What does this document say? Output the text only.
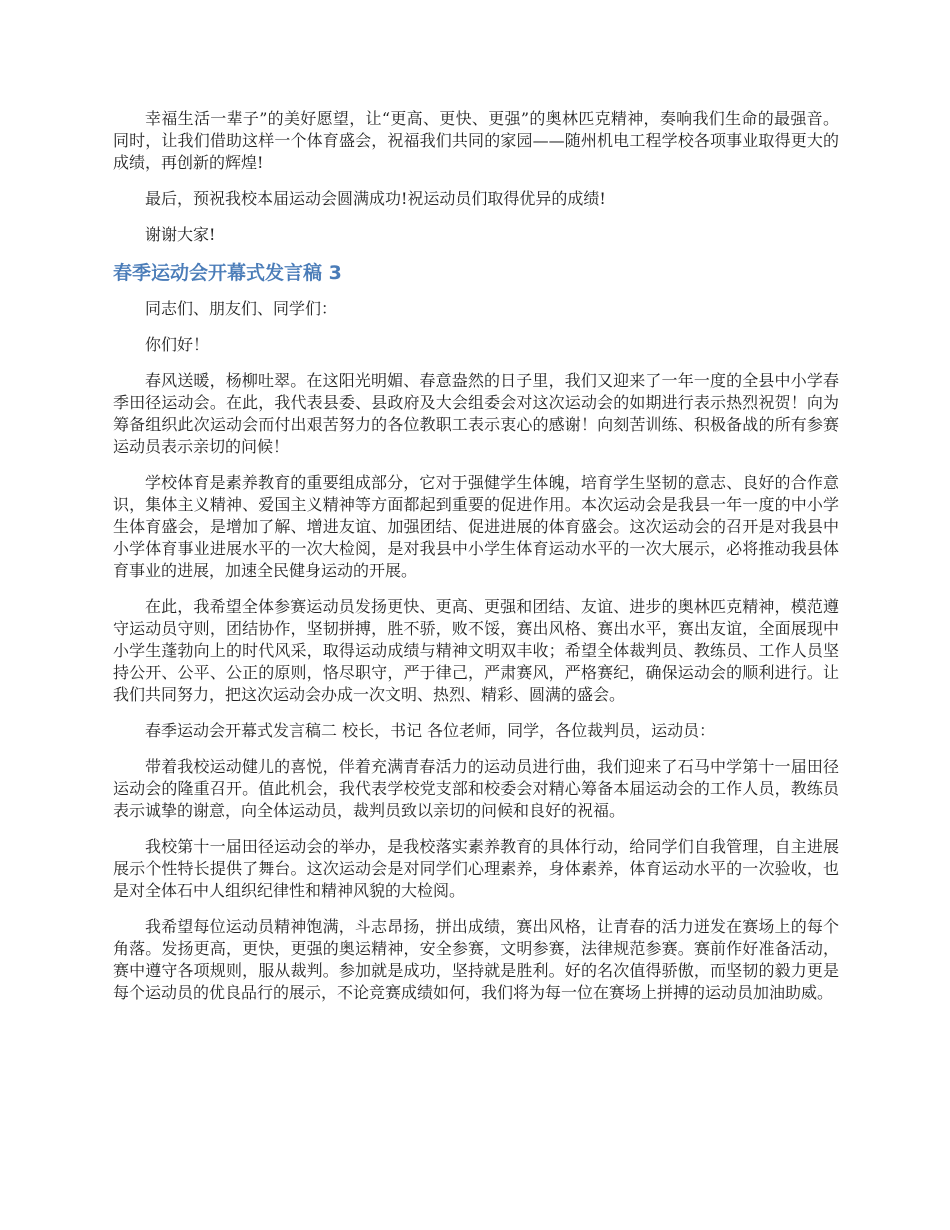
幸福生活一辈子”的美好愿望，让“更高、更快、更强”的奥林匹克精神，奏响我们生命的最强音。同时，让我们借助这样一个体育盛会，祝福我们共同的家园——随州机电工程学校各项事业取得更大的成绩，再创新的辉煌!

最后，预祝我校本届运动会圆满成功!祝运动员们取得优异的成绩!

谢谢大家!

春季运动会开幕式发言稿 3

同志们、朋友们、同学们：

你们好！

春风送暖，杨柳吐翠。在这阳光明媚、春意盎然的日子里，我们又迎来了一年一度的全县中小学春季田径运动会。在此，我代表县委、县政府及大会组委会对这次运动会的如期进行表示热烈祝贺！向为筹备组织此次运动会而付出艰苦努力的各位教职工表示衷心的感谢！向刻苦训练、积极备战的所有参赛运动员表示亲切的问候！

学校体育是素养教育的重要组成部分，它对于强健学生体魄，培育学生坚韧的意志、良好的合作意识，集体主义精神、爱国主义精神等方面都起到重要的促进作用。本次运动会是我县一年一度的中小学生体育盛会，是增加了解、增进友谊、加强团结、促进进展的体育盛会。这次运动会的召开是对我县中小学体育事业进展水平的一次大检阅，是对我县中小学生体育运动水平的一次大展示，必将推动我县体育事业的进展，加速全民健身运动的开展。

在此，我希望全体参赛运动员发扬更快、更高、更强和团结、友谊、进步的奥林匹克精神，模范遵守运动员守则，团结协作，坚韧拼搏，胜不骄，败不馁，赛出风格、赛出水平，赛出友谊，全面展现中小学生蓬勃向上的时代风采，取得运动成绩与精神文明双丰收；希望全体裁判员、教练员、工作人员坚持公开、公平、公正的原则，恪尽职守，严于律己，严肃赛风，严格赛纪，确保运动会的顺利进行。让我们共同努力，把这次运动会办成一次文明、热烈、精彩、圆满的盛会。

春季运动会开幕式发言稿二 校长，书记 各位老师，同学，各位裁判员，运动员：

带着我校运动健儿的喜悦，伴着充满青春活力的运动员进行曲，我们迎来了石马中学第十一届田径运动会的隆重召开。值此机会，我代表学校党支部和校委会对精心筹备本届运动会的工作人员，教练员表示诚挚的谢意，向全体运动员，裁判员致以亲切的问候和良好的祝福。

我校第十一届田径运动会的举办，是我校落实素养教育的具体行动，给同学们自我管理，自主进展展示个性特长提供了舞台。这次运动会是对同学们心理素养，身体素养，体育运动水平的一次验收，也是对全体石中人组织纪律性和精神风貌的大检阅。

我希望每位运动员精神饱满，斗志昂扬，拼出成绩，赛出风格，让青春的活力迸发在赛场上的每个角落。发扬更高，更快，更强的奥运精神，安全参赛，文明参赛，法律规范参赛。赛前作好准备活动，赛中遵守各项规则，服从裁判。参加就是成功，坚持就是胜利。好的名次值得骄傲，而坚韧的毅力更是每个运动员的优良品行的展示，不论竞赛成绩如何，我们将为每一位在赛场上拼搏的运动员加油助威。
